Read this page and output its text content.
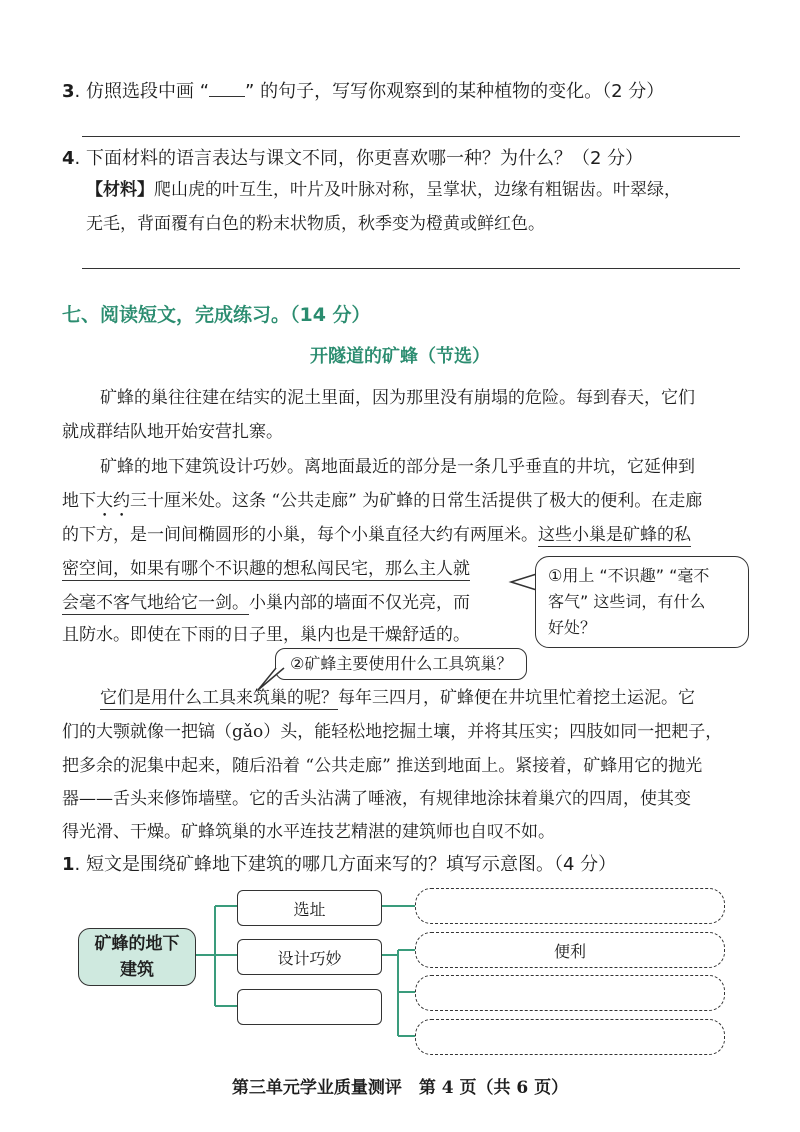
3. 仿照选段中画 “ ” 的句子，写写你观察到的某种植物的变化。（2 分）
4. 下面材料的语言表达与课文不同，你更喜欢哪一种？为什么？（2 分）
【材料】爬山虎的叶互生，叶片及叶脉对称，呈掌状，边缘有粗锯齿。叶翠绿，
无毛，背面覆有白色的粉末状物质，秋季变为橙黄或鲜红色。
七、阅读短文，完成练习。（14 分）
开隧道的矿蜂（节选）
矿蜂的巢往往建在结实的泥土里面，因为那里没有崩塌的危险。每到春天，它们
就成群结队地开始安营扎寨。
矿蜂的地下建筑设计巧妙。离地面最近的部分是一条几乎垂直的井坑，它延伸到
地下大约三十厘米处。这条 “公共走廊” 为矿蜂的日常生活提供了极大的便利。在走廊
的下方，是一间间椭圆形的小巢，每个小巢直径大约有两厘米。这些小巢是矿蜂的私
密空间，如果有哪个不识趣的想私闯民宅，那么主人就
会毫不客气地给它一剑。小巢内部的墙面不仅光亮，而
且防水。即使在下雨的日子里，巢内也是干燥舒适的。
①用上 “不识趣” “毫不
客气” 这些词，有什么
好处？
②矿蜂主要使用什么工具筑巢？
它们是用什么工具来筑巢的呢？每年三四月，矿蜂便在井坑里忙着挖土运泥。它
们的大颚就像一把镐（gǎo）头，能轻松地挖掘土壤，并将其压实；四肢如同一把耙子，
把多余的泥集中起来，随后沿着 “公共走廊” 推送到地面上。紧接着，矿蜂用它的抛光
器——舌头来修饰墙壁。它的舌头沾满了唾液，有规律地涂抹着巢穴的四周，使其变
得光滑、干燥。矿蜂筑巢的水平连技艺精湛的建筑师也自叹不如。
1. 短文是围绕矿蜂地下建筑的哪几方面来写的？填写示意图。（4 分）
矿蜂的地下
建筑
选址
设计巧妙	便利
第三单元学业质量测评　第 4 页（共 6 页）
